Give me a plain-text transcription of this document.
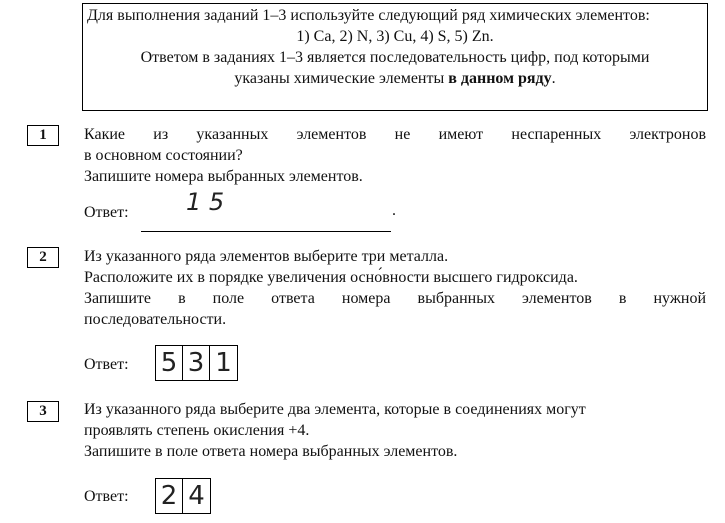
Для выполнения заданий 1–3 используйте следующий ряд химических элементов:
1) Ca, 2) N, 3) Cu, 4) S, 5) Zn.
Ответом в заданиях 1–3 является последовательность цифр, под которыми
указаны химические элементы в данном ряду.
1	Какие из указанных элементов не имеют неспаренных электронов
в основном состоянии?
Запишите номера выбранных элементов.
Ответ: 1 5	.
2	Из указанного ряда элементов выберите три металла.
Расположите их в порядке увеличения осно́вности высшего гидроксида.
Запишите в поле ответа номера выбранных элементов в нужной
последовательности.
Ответ: 5 3 1
3	Из указанного ряда выберите два элемента, которые в соединениях могут
проявлять степень окисления +4.
Запишите в поле ответа номера выбранных элементов.
Ответ: 2 4
